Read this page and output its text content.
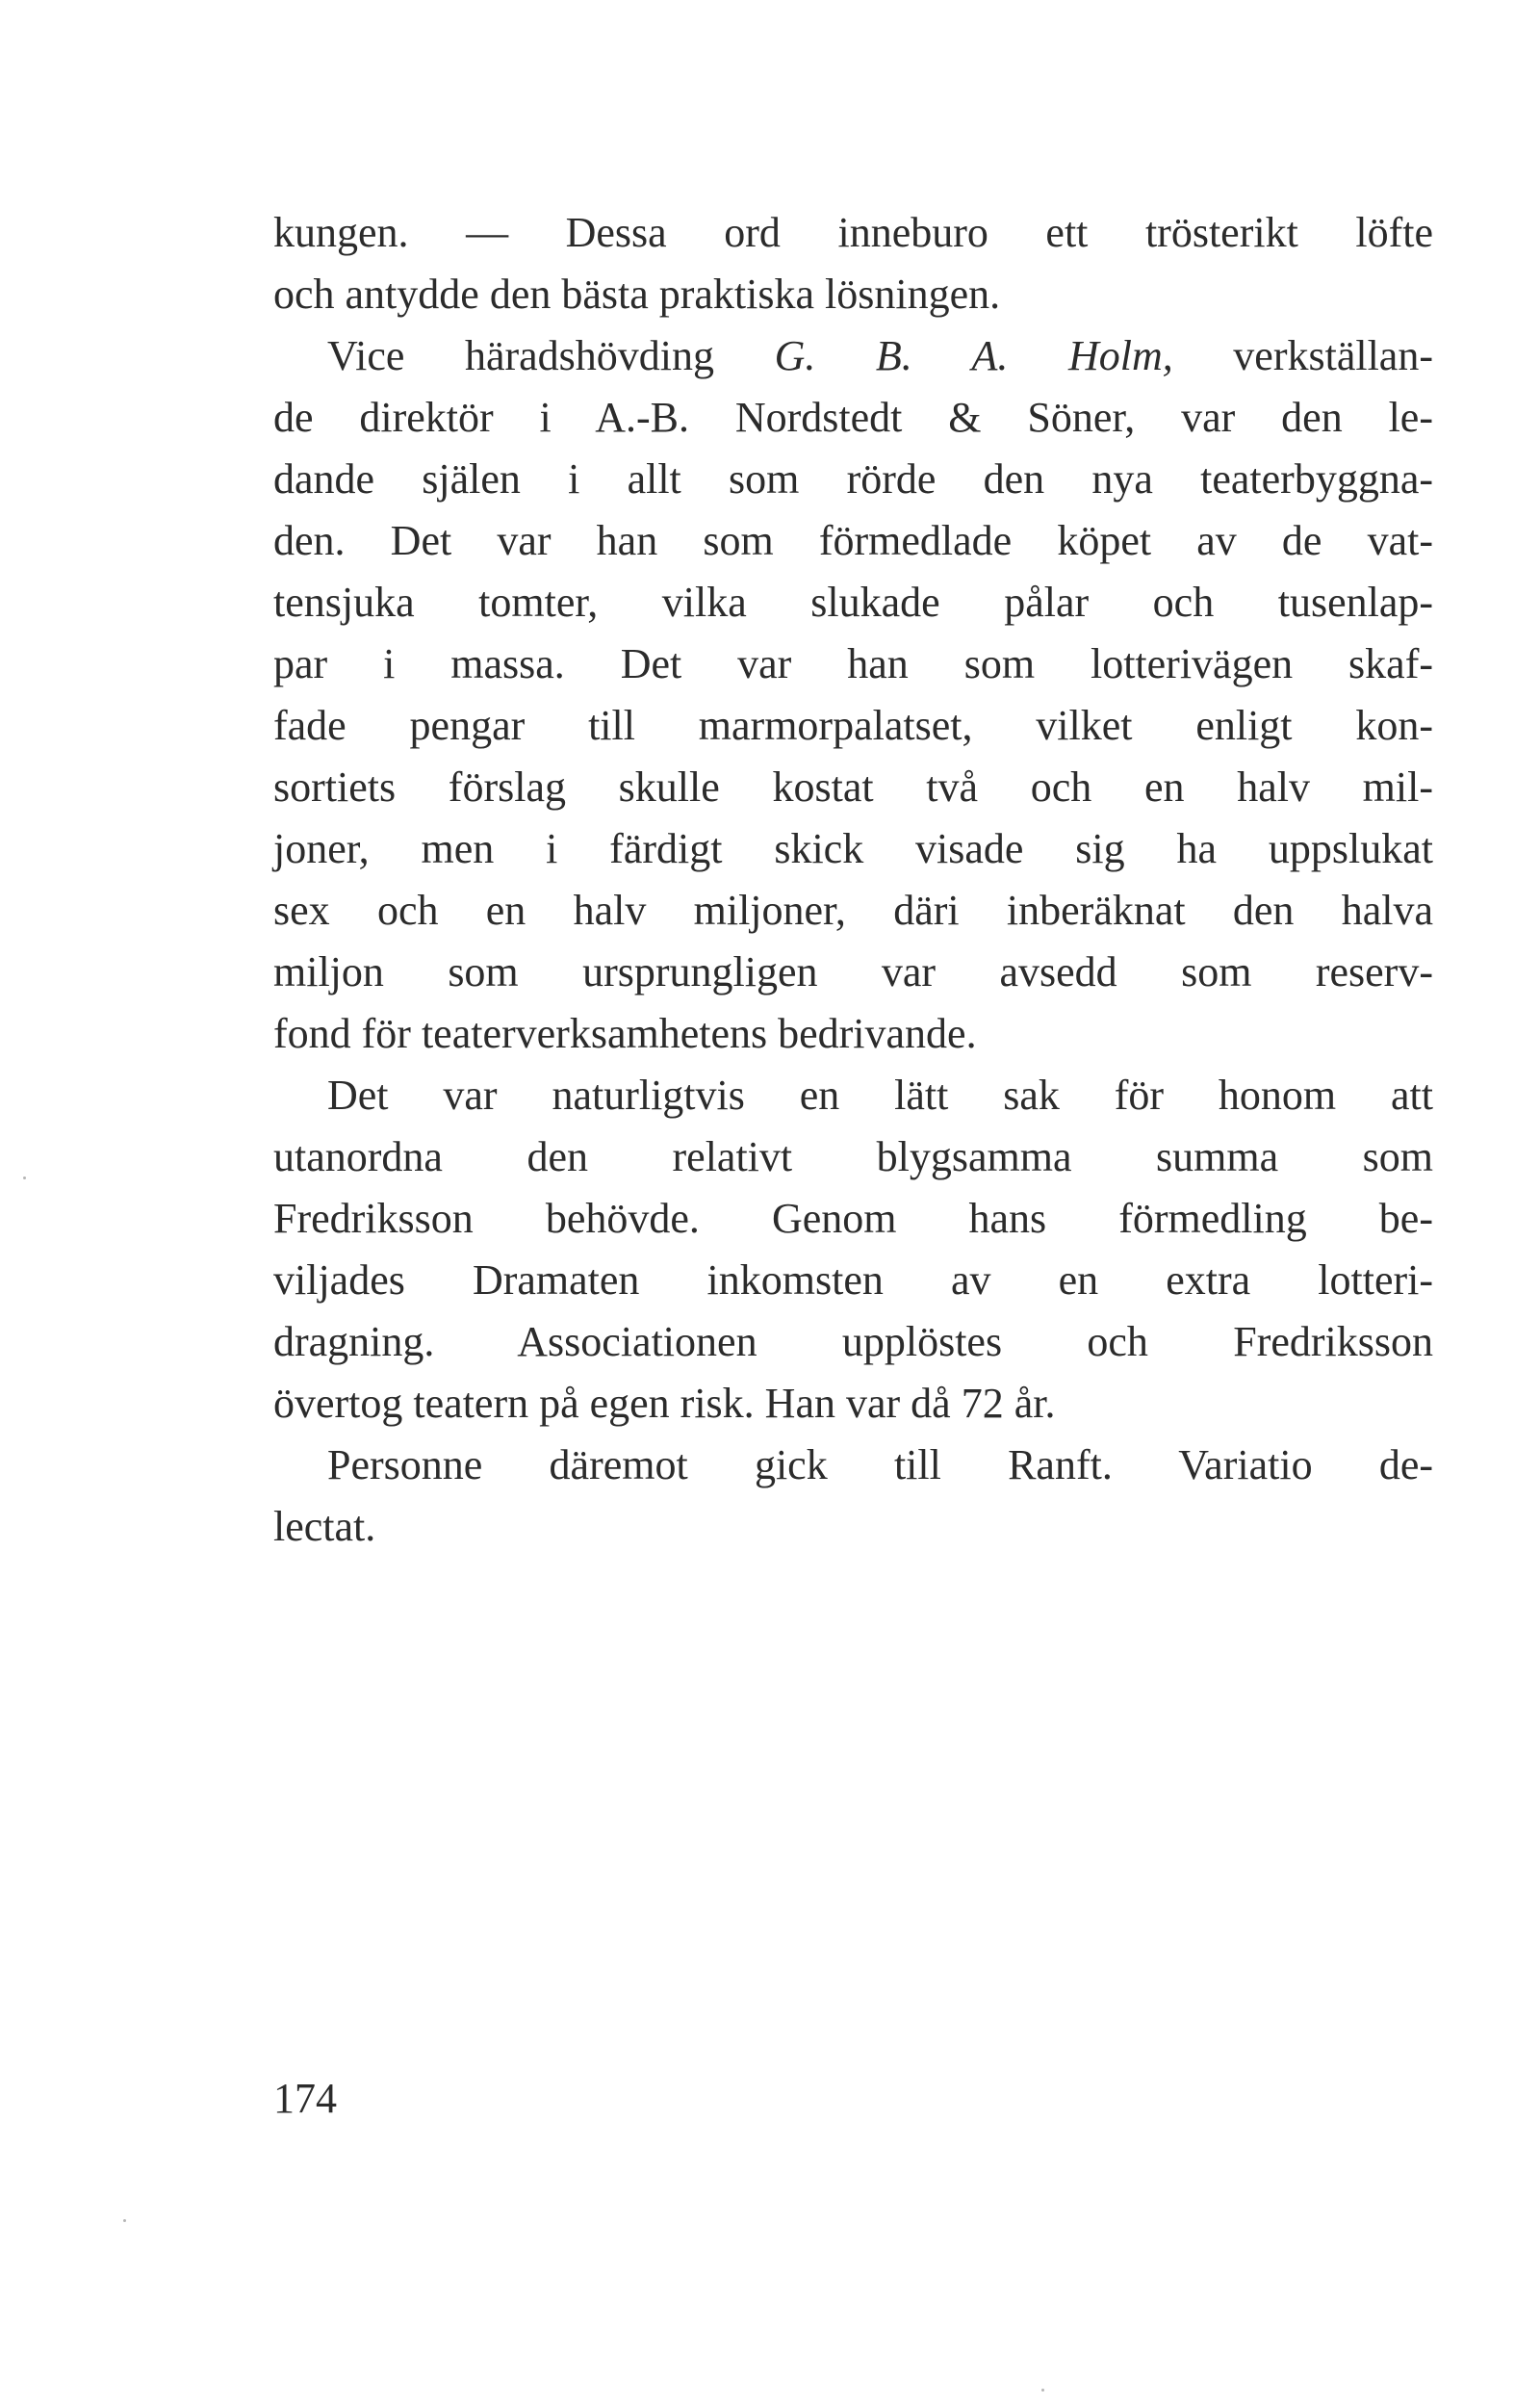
kungen. — Dessa ord inneburo ett trösterikt löfte
och antydde den bästa praktiska lösningen.
Vice häradshövding G. B. A. Holm, verkställan-
de direktör i A.-B. Nordstedt & Söner, var den le-
dande själen i allt som rörde den nya teaterbyggna-
den. Det var han som förmedlade köpet av de vat-
tensjuka tomter, vilka slukade pålar och tusenlap-
par i massa. Det var han som lotterivägen skaf-
fade pengar till marmorpalatset, vilket enligt kon-
sortiets förslag skulle kostat två och en halv mil-
joner, men i färdigt skick visade sig ha uppslukat
sex och en halv miljoner, däri inberäknat den halva
miljon som ursprungligen var avsedd som reserv-
fond för teaterverksamhetens bedrivande.
Det var naturligtvis en lätt sak för honom att
utanordna den relativt blygsamma summa som
Fredriksson behövde. Genom hans förmedling be-
viljades Dramaten inkomsten av en extra lotteri-
dragning. Associationen upplöstes och Fredriksson
övertog teatern på egen risk. Han var då 72 år.
Personne däremot gick till Ranft. Variatio de-
lectat.
174
